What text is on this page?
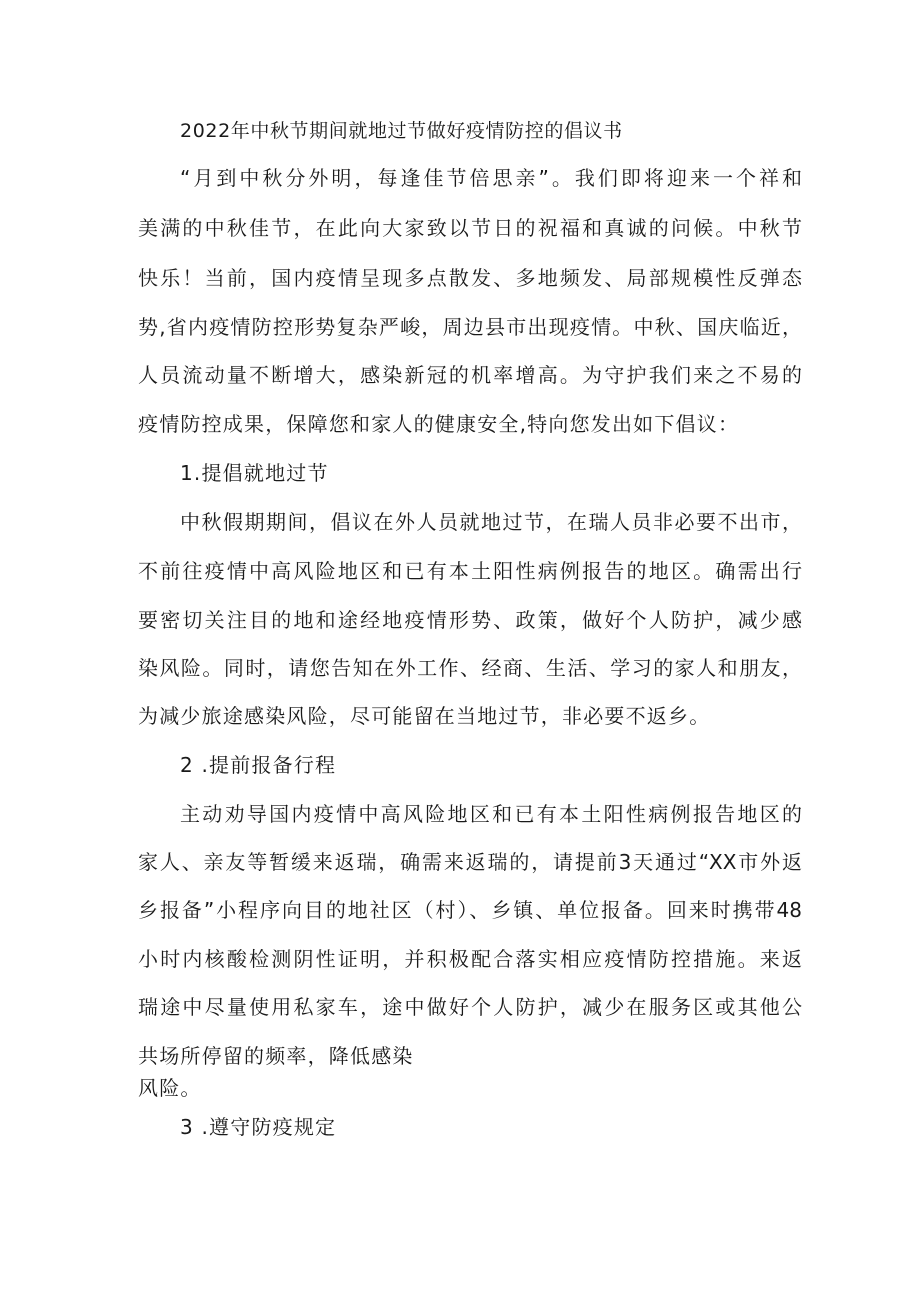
2022年中秋节期间就地过节做好疫情防控的倡议书
“月到中秋分外明，每逢佳节倍思亲”。我们即将迎来一个祥和
美满的中秋佳节，在此向大家致以节日的祝福和真诚的问候。中秋节
快乐！当前，国内疫情呈现多点散发、多地频发、局部规模性反弹态
势,省内疫情防控形势复杂严峻，周边县市出现疫情。中秋、国庆临近，
人员流动量不断增大，感染新冠的机率增高。为守护我们来之不易的
疫情防控成果，保障您和家人的健康安全,特向您发出如下倡议：
1.提倡就地过节
中秋假期期间，倡议在外人员就地过节，在瑞人员非必要不出市，
不前往疫情中高风险地区和已有本土阳性病例报告的地区。确需出行
要密切关注目的地和途经地疫情形势、政策，做好个人防护，减少感
染风险。同时，请您告知在外工作、经商、生活、学习的家人和朋友，
为减少旅途感染风险，尽可能留在当地过节，非必要不返乡。
2 .提前报备行程
主动劝导国内疫情中高风险地区和已有本土阳性病例报告地区的
家人、亲友等暂缓来返瑞，确需来返瑞的，请提前3天通过“XX市外返
乡报备”小程序向目的地社区（村）、乡镇、单位报备。回来时携带48
小时内核酸检测阴性证明，并积极配合落实相应疫情防控措施。来返
瑞途中尽量使用私家车，途中做好个人防护，减少在服务区或其他公
共场所停留的频率，降低感染
风险。
3 .遵守防疫规定
